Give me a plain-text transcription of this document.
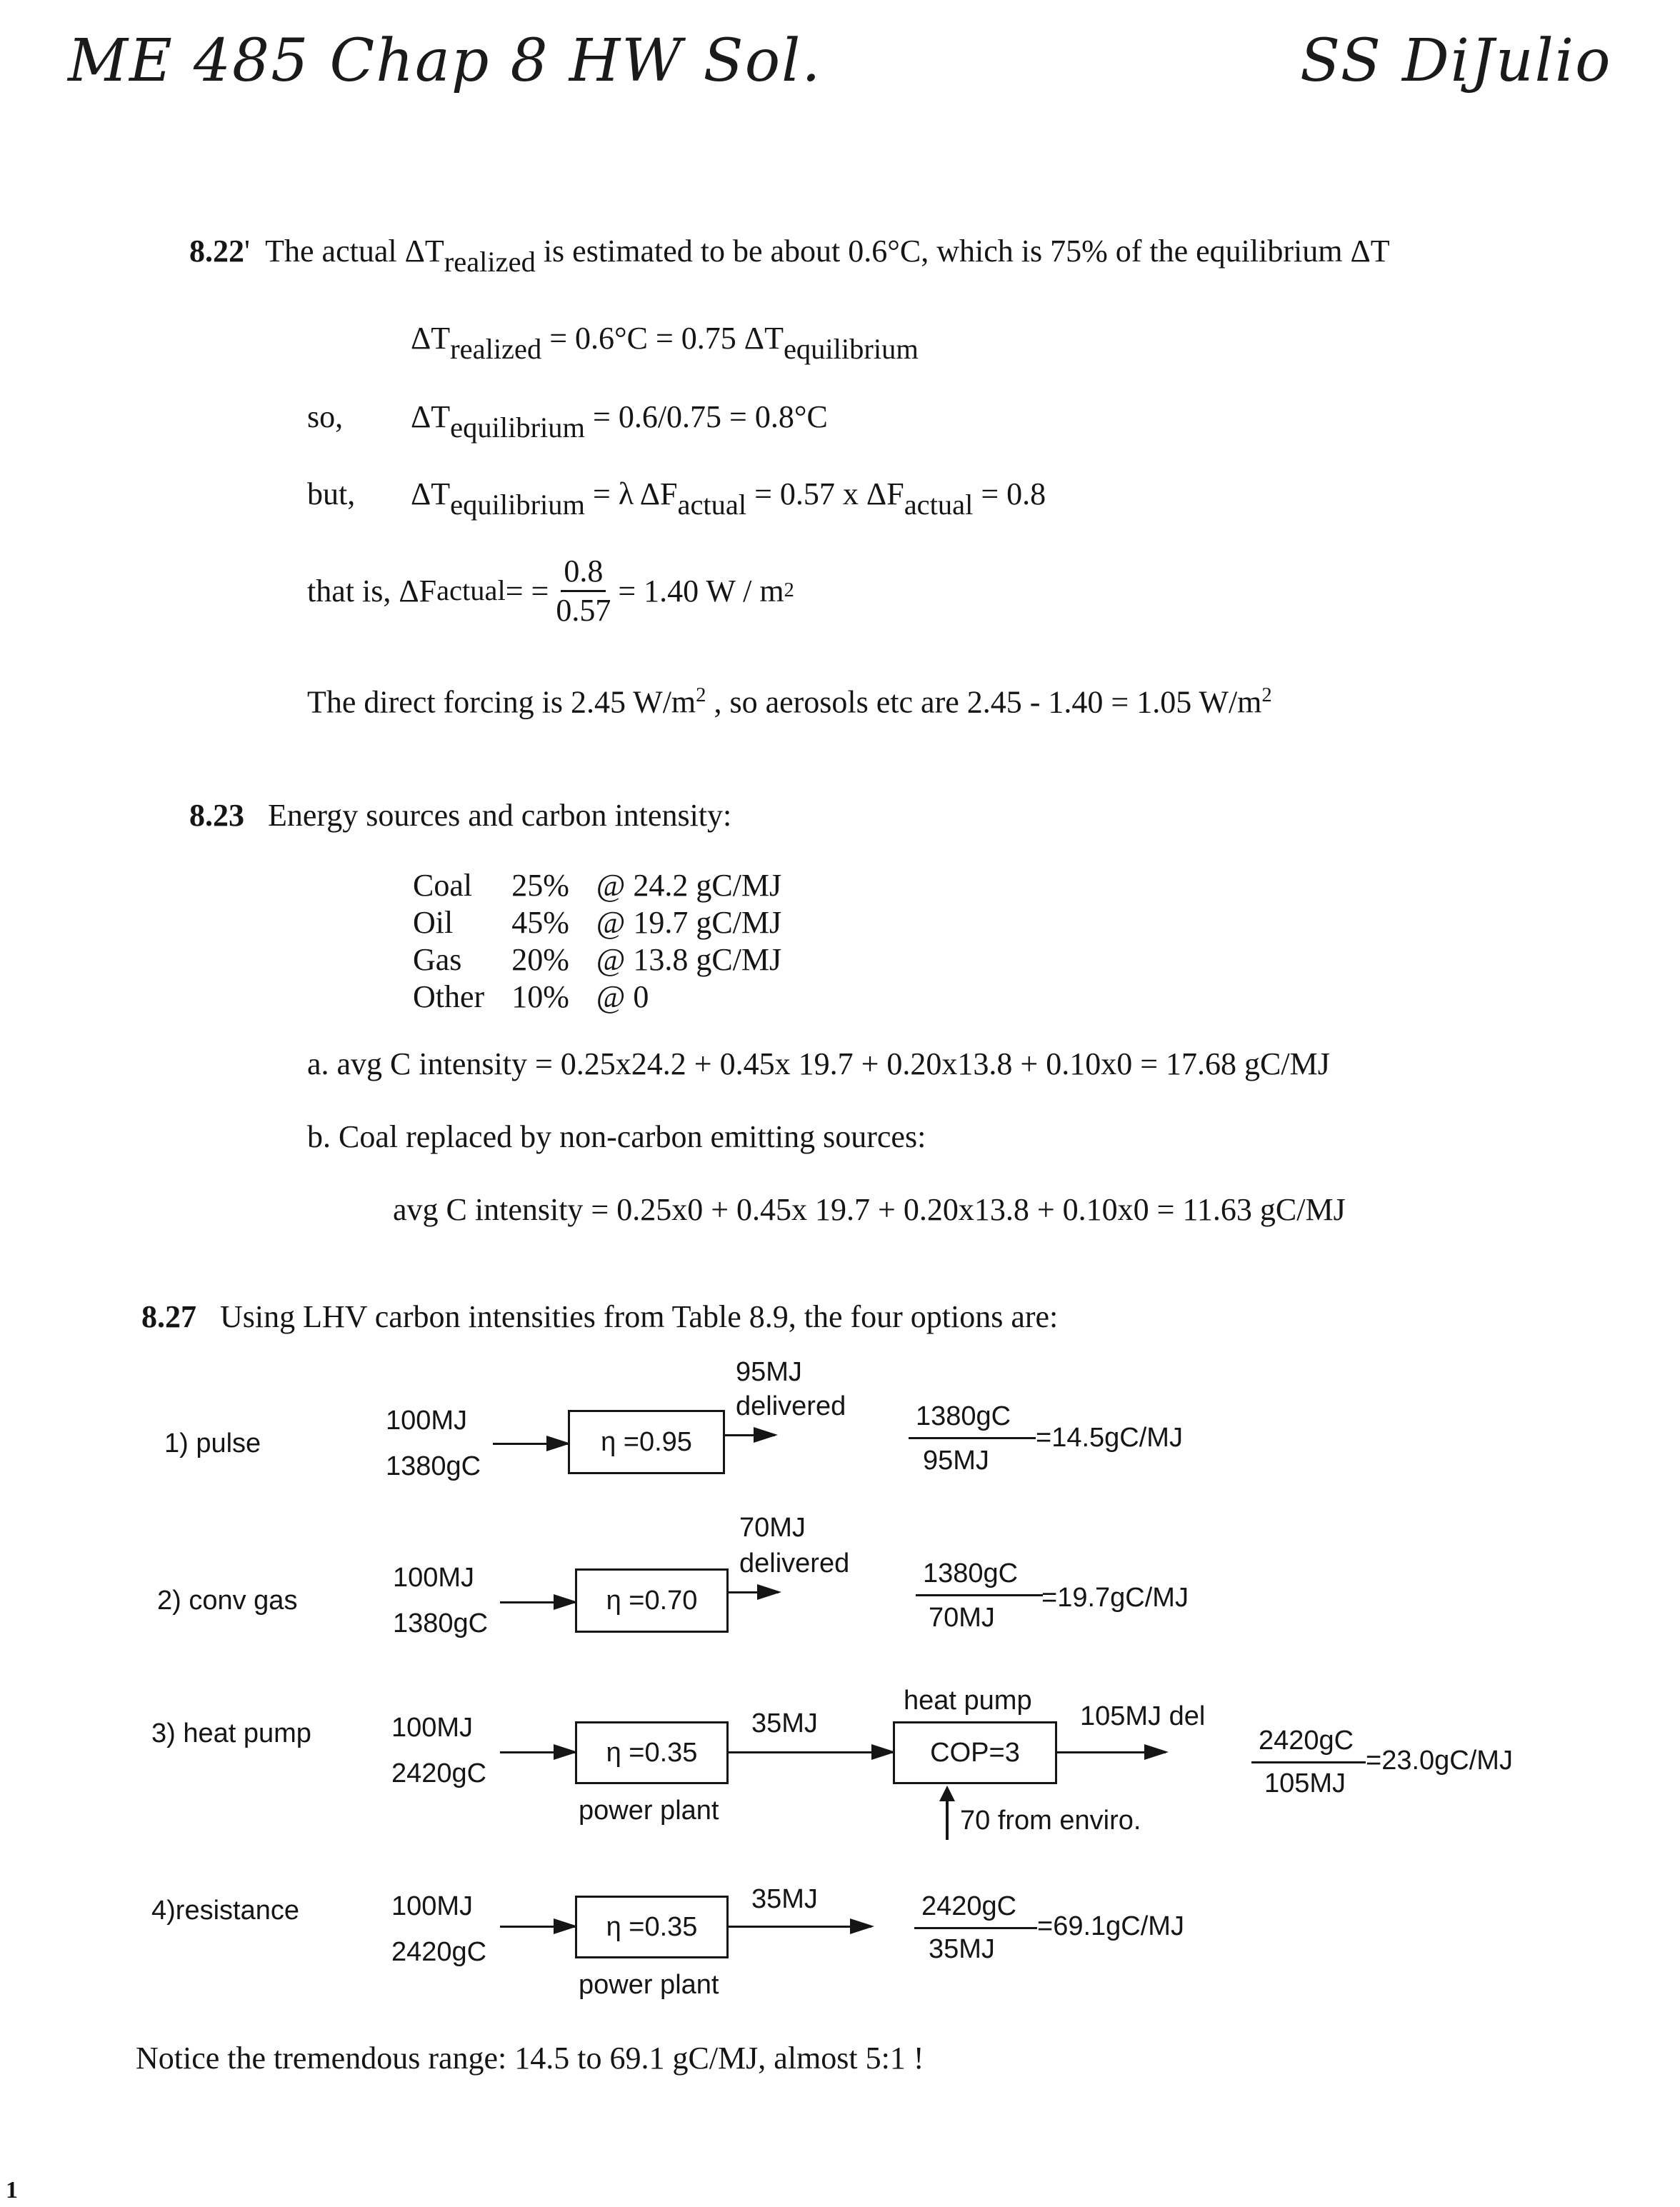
ME 485 Chap 8 HW Sol.	SS DiJulio
8.22'  The actual $\Delta T_{realized}$ is estimated to be about 0.6°C, which is 75% of the equilibrium ΔT
$\Delta T_{realized} = 0.6^\circ C = 0.75$ $\Delta T_{equilibrium}$
so, $\Delta T_{equilibrium} = 0.6/0.75 = 0.8^\circ C$
but, $\Delta T_{equilibrium} = \lambda$ $\Delta F_{actual} = 0.57$ x $\Delta F_{actual} = 0.8$
that is, ΔF actual = = $\frac{0.8}{0.57} = 1.40$ W / m 2
The direct forcing is 2.45 $W/m^2$ , so aerosols etc are 2.45 - 1.40 = 1.05 $W/m^2$
8.23 Energy sources and carbon intensity:
Coal	25%	@ 24.2 gC/MJ
Oil	45%	@ 19.7 gC/MJ
Gas	20%	@ 13.8 gC/MJ
Other	10%	@ 0
a. avg C intensity = 0.25x24.2 + 0.45x 19.7 + 0.20x13.8 + 0.10x0 = 17.68 gC/MJ
b. Coal replaced by non-carbon emitting sources:
avg C intensity = 0.25x0 + 0.45x 19.7 + 0.20x13.8 + 0.10x0 = 11.63 gC/MJ
8.27 Using LHV carbon intensities from Table 8.9, the four options are:
1) pulse
100MJ
1380gC
η =0.95
95MJ
delivered	1380gC
95MJ
=14.5gC/MJ
2) conv gas
100MJ
1380gC
η =0.70
70MJ
delivered	1380gC
70MJ
=19.7gC/MJ
3) heat pump	100MJ
2420gC
η =0.35
power plant
35MJ
heat pump
COP=3
105MJ del
70 from enviro.
2420gC
105MJ
=23.0gC/MJ
4)resistance	100MJ
2420gC
η =0.35
power plant
35MJ	2420gC
35MJ
=69.1gC/MJ
Notice the tremendous range: 14.5 to 69.1 gC/MJ, almost 5:1 !
1
